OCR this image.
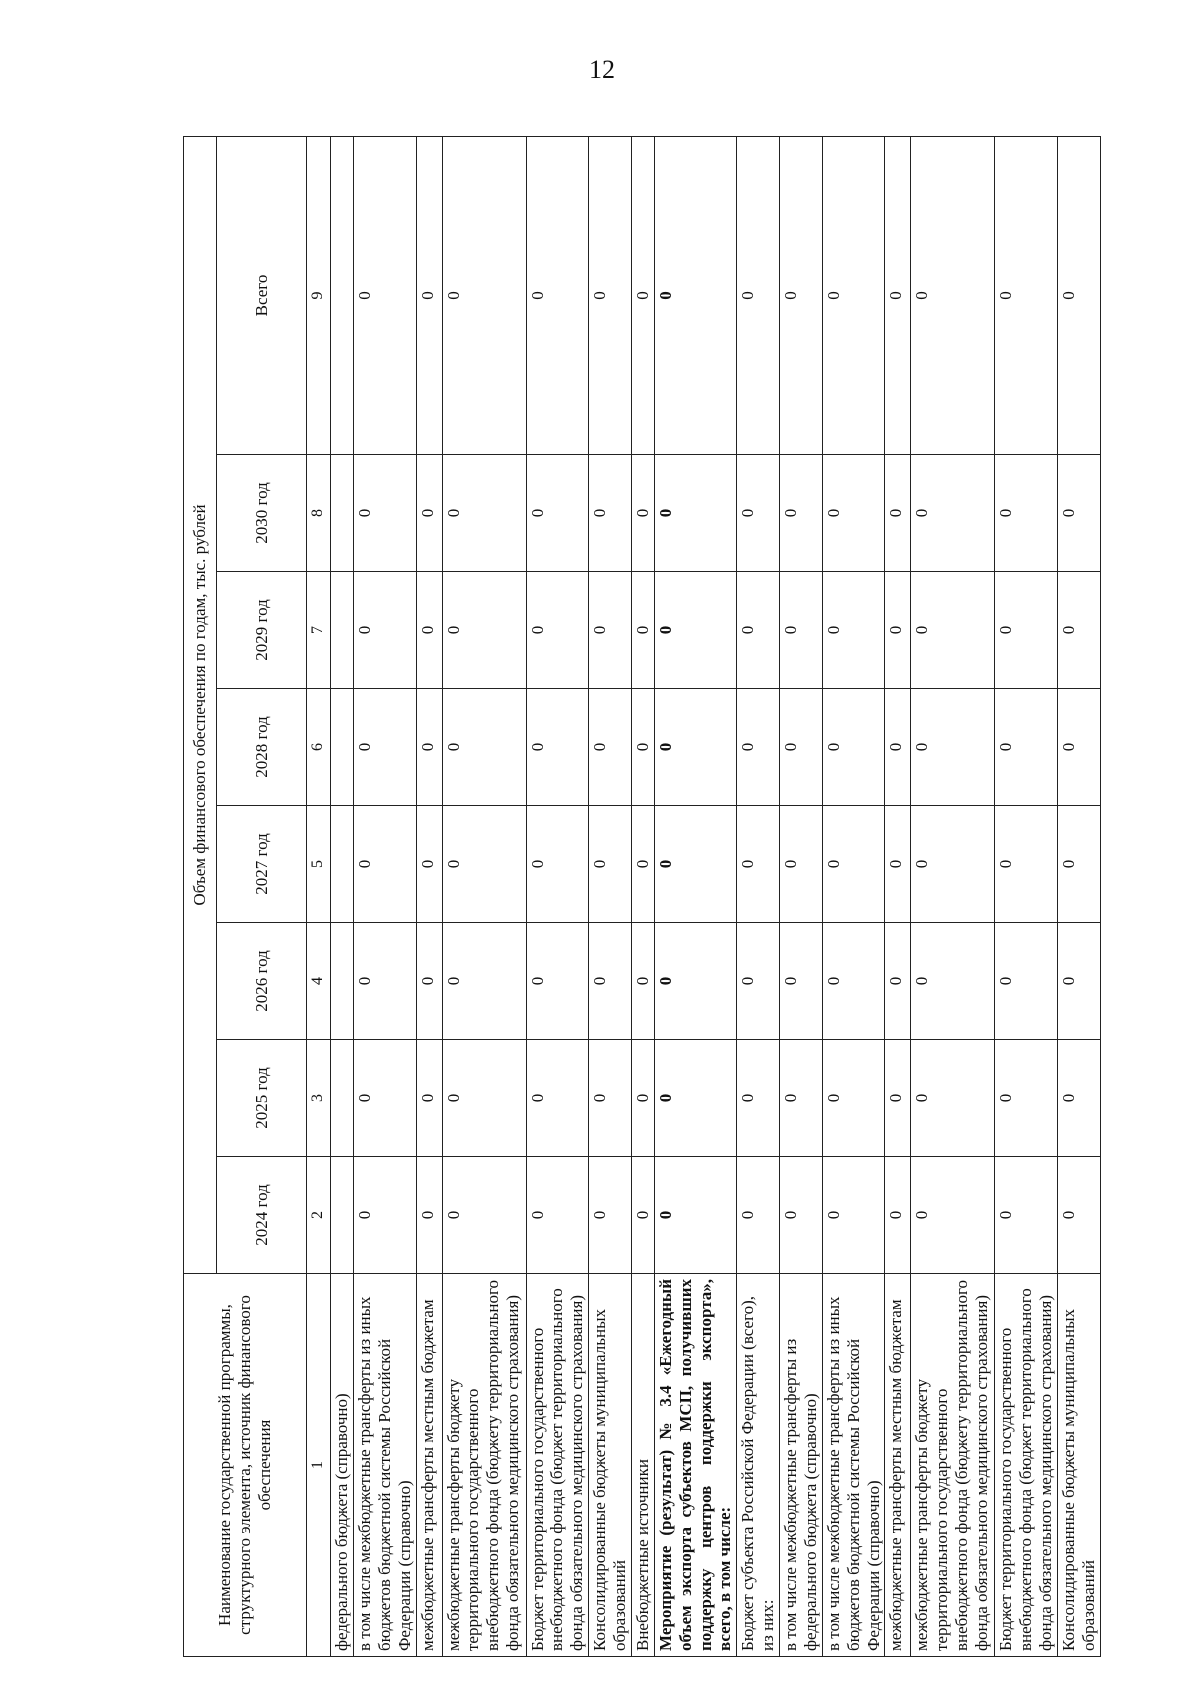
12
Наименование государственной программы, структурного элемента, источник финансового обеспечения	Объем финансового обеспечения по годам, тыс. рублей							
	2024 год	2025 год	2026 год	2027 год	2028 год	2029 год	2030 год	Всего
1	2	3	4	5	6	7	8	9
федерального бюджета (справочно)								
в том числе межбюджетные трансферты из иных бюджетов бюджетной системы Российской Федерации (справочно)	0	0	0	0	0	0	0	0
межбюджетные трансферты местным бюджетам	0	0	0	0	0	0	0	0
межбюджетные трансферты бюджету территориального государственного внебюджетного фонда (бюджету территориального фонда обязательного медицинского страхования)	0	0	0	0	0	0	0	0
Бюджет территориального государственного внебюджетного фонда (бюджет территориального фонда обязательного медицинского страхования)	0	0	0	0	0	0	0	0
Консолидированные бюджеты муниципальных образований	0	0	0	0	0	0	0	0
Внебюджетные источники	0	0	0	0	0	0	0	0
Мероприятие (результат) № 3.4 «Ежегодный объем экспорта субъектов МСП, получивших поддержку центров поддержки экспорта», всего, в том числе:	0	0	0	0	0	0	0	0
Бюджет субъекта Российской Федерации (всего), из них:	0	0	0	0	0	0	0	0
в том числе межбюджетные трансферты из федерального бюджета (справочно)	0	0	0	0	0	0	0	0
в том числе межбюджетные трансферты из иных бюджетов бюджетной системы Российской Федерации (справочно)	0	0	0	0	0	0	0	0
межбюджетные трансферты местным бюджетам	0	0	0	0	0	0	0	0
межбюджетные трансферты бюджету территориального государственного внебюджетного фонда (бюджету территориального фонда обязательного медицинского страхования)	0	0	0	0	0	0	0	0
Бюджет территориального государственного внебюджетного фонда (бюджет территориального фонда обязательного медицинского страхования)	0	0	0	0	0	0	0	0
Консолидированные бюджеты муниципальных образований	0	0	0	0	0	0	0	0
